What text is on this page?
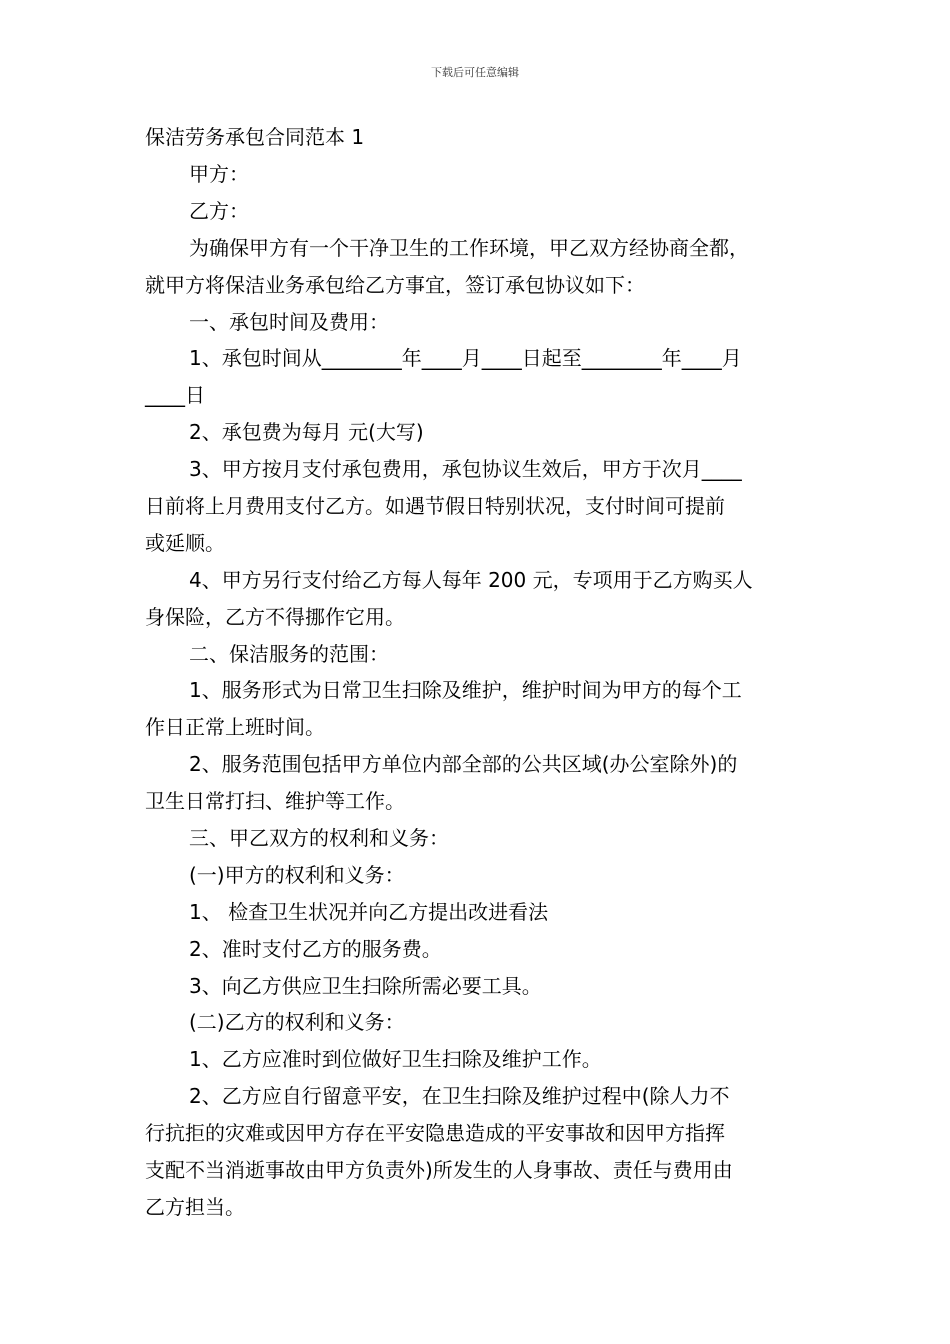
下载后可任意编辑
保洁劳务承包合同范本 1
甲方：
乙方：
为确保甲方有一个干净卫生的工作环境，甲乙双方经协商全都，
就甲方将保洁业务承包给乙方事宜，签订承包协议如下：
一、承包时间及费用：
1、承包时间从________年____月____日起至________年____月
____日
2、承包费为每月 元(大写)
3、甲方按月支付承包费用，承包协议生效后，甲方于次月____
日前将上月费用支付乙方。如遇节假日特别状况，支付时间可提前
或延顺。
4、甲方另行支付给乙方每人每年 200 元，专项用于乙方购买人
身保险，乙方不得挪作它用。
二、保洁服务的范围：
1、服务形式为日常卫生扫除及维护，维护时间为甲方的每个工
作日正常上班时间。
2、服务范围包括甲方单位内部全部的公共区域(办公室除外)的
卫生日常打扫、维护等工作。
三、甲乙双方的权利和义务：
(一)甲方的权利和义务：
1、 检查卫生状况并向乙方提出改进看法
2、准时支付乙方的服务费。
3、向乙方供应卫生扫除所需必要工具。
(二)乙方的权利和义务：
1、乙方应准时到位做好卫生扫除及维护工作。
2、乙方应自行留意平安，在卫生扫除及维护过程中(除人力不
行抗拒的灾难或因甲方存在平安隐患造成的平安事故和因甲方指挥
支配不当消逝事故由甲方负责外)所发生的人身事故、责任与费用由
乙方担当。
